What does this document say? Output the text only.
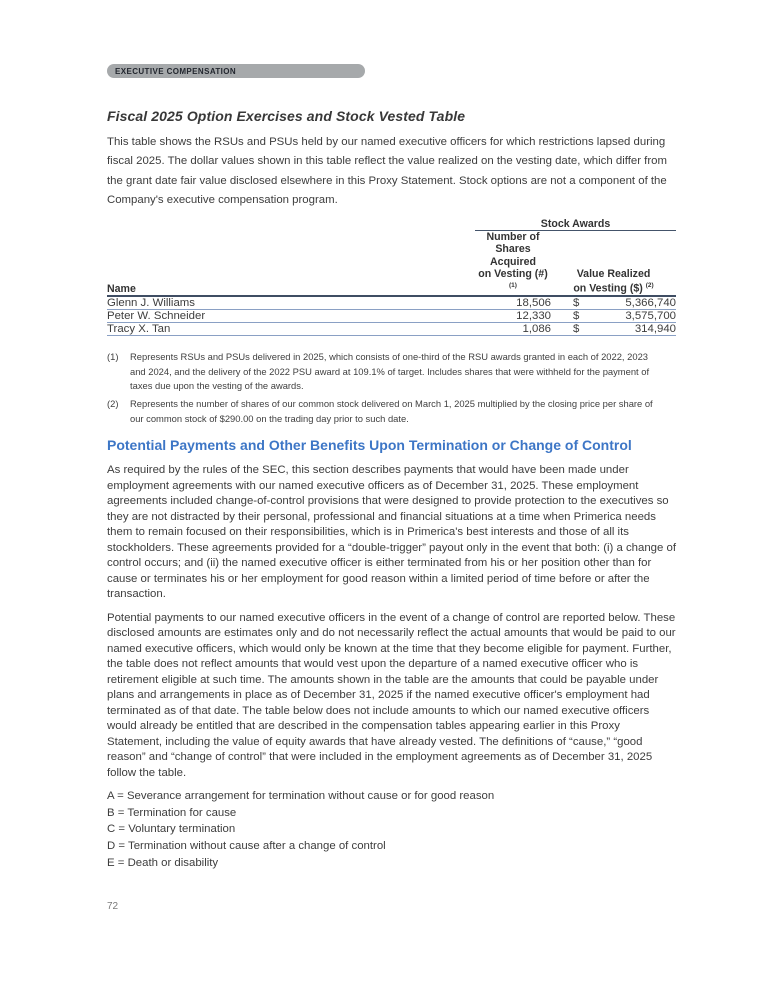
EXECUTIVE COMPENSATION
Fiscal 2025 Option Exercises and Stock Vested Table

This table shows the RSUs and PSUs held by our named executive officers for which restrictions lapsed during fiscal 2025. The dollar values shown in this table reflect the value realized on the vesting date, which differ from the grant date fair value disclosed elsewhere in this Proxy Statement. Stock options are not a component of the Company's executive compensation program.

	Stock Awards		
Name	Number of
Shares Acquired
on Vesting (#) $^{(1)}$	Value Realized
on Vesting ($) $^{(2)}$
Glenn J. Williams	18,506		$ 5,366,740

Peter W. Schneider	12,330		$ 3,575,700

Tracy X. Tan	1,086		$ 314,940
(1)	Represents RSUs and PSUs delivered in 2025, which consists of one-third of the RSU awards granted in each of 2022, 2023 and 2024, and the delivery of the 2022 PSU award at 109.1% of target. Includes shares that were withheld for the payment of taxes due upon the vesting of the awards.
(2)	Represents the number of shares of our common stock delivered on March 1, 2025 multiplied by the closing price per share of our common stock of $290.00 on the trading day prior to such date.
Potential Payments and Other Benefits Upon Termination or Change of Control

As required by the rules of the SEC, this section describes payments that would have been made under employment agreements with our named executive officers as of December 31, 2025. These employment agreements included change-of-control provisions that were designed to provide protection to the executives so they are not distracted by their personal, professional and financial situations at a time when Primerica needs them to remain focused on their responsibilities, which is in Primerica's best interests and those of all its stockholders. These agreements provided for a “double-trigger” payout only in the event that both: (i) a change of control occurs; and (ii) the named executive officer is either terminated from his or her position other than for cause or terminates his or her employment for good reason within a limited period of time before or after the transaction.

Potential payments to our named executive officers in the event of a change of control are reported below. These disclosed amounts are estimates only and do not necessarily reflect the actual amounts that would be paid to our named executive officers, which would only be known at the time that they become eligible for payment. Further, the table does not reflect amounts that would vest upon the departure of a named executive officer who is retirement eligible at such time. The amounts shown in the table are the amounts that could be payable under plans and arrangements in place as of December 31, 2025 if the named executive officer's employment had terminated as of that date. The table below does not include amounts to which our named executive officers would already be entitled that are described in the compensation tables appearing earlier in this Proxy Statement, including the value of equity awards that have already vested. The definitions of “cause,” “good reason” and “change of control” that were included in the employment agreements as of December 31, 2025 follow the table.

A = Severance arrangement for termination without cause or for good reason
B = Termination for cause
C = Voluntary termination
D = Termination without cause after a change of control
E = Death or disability
72
